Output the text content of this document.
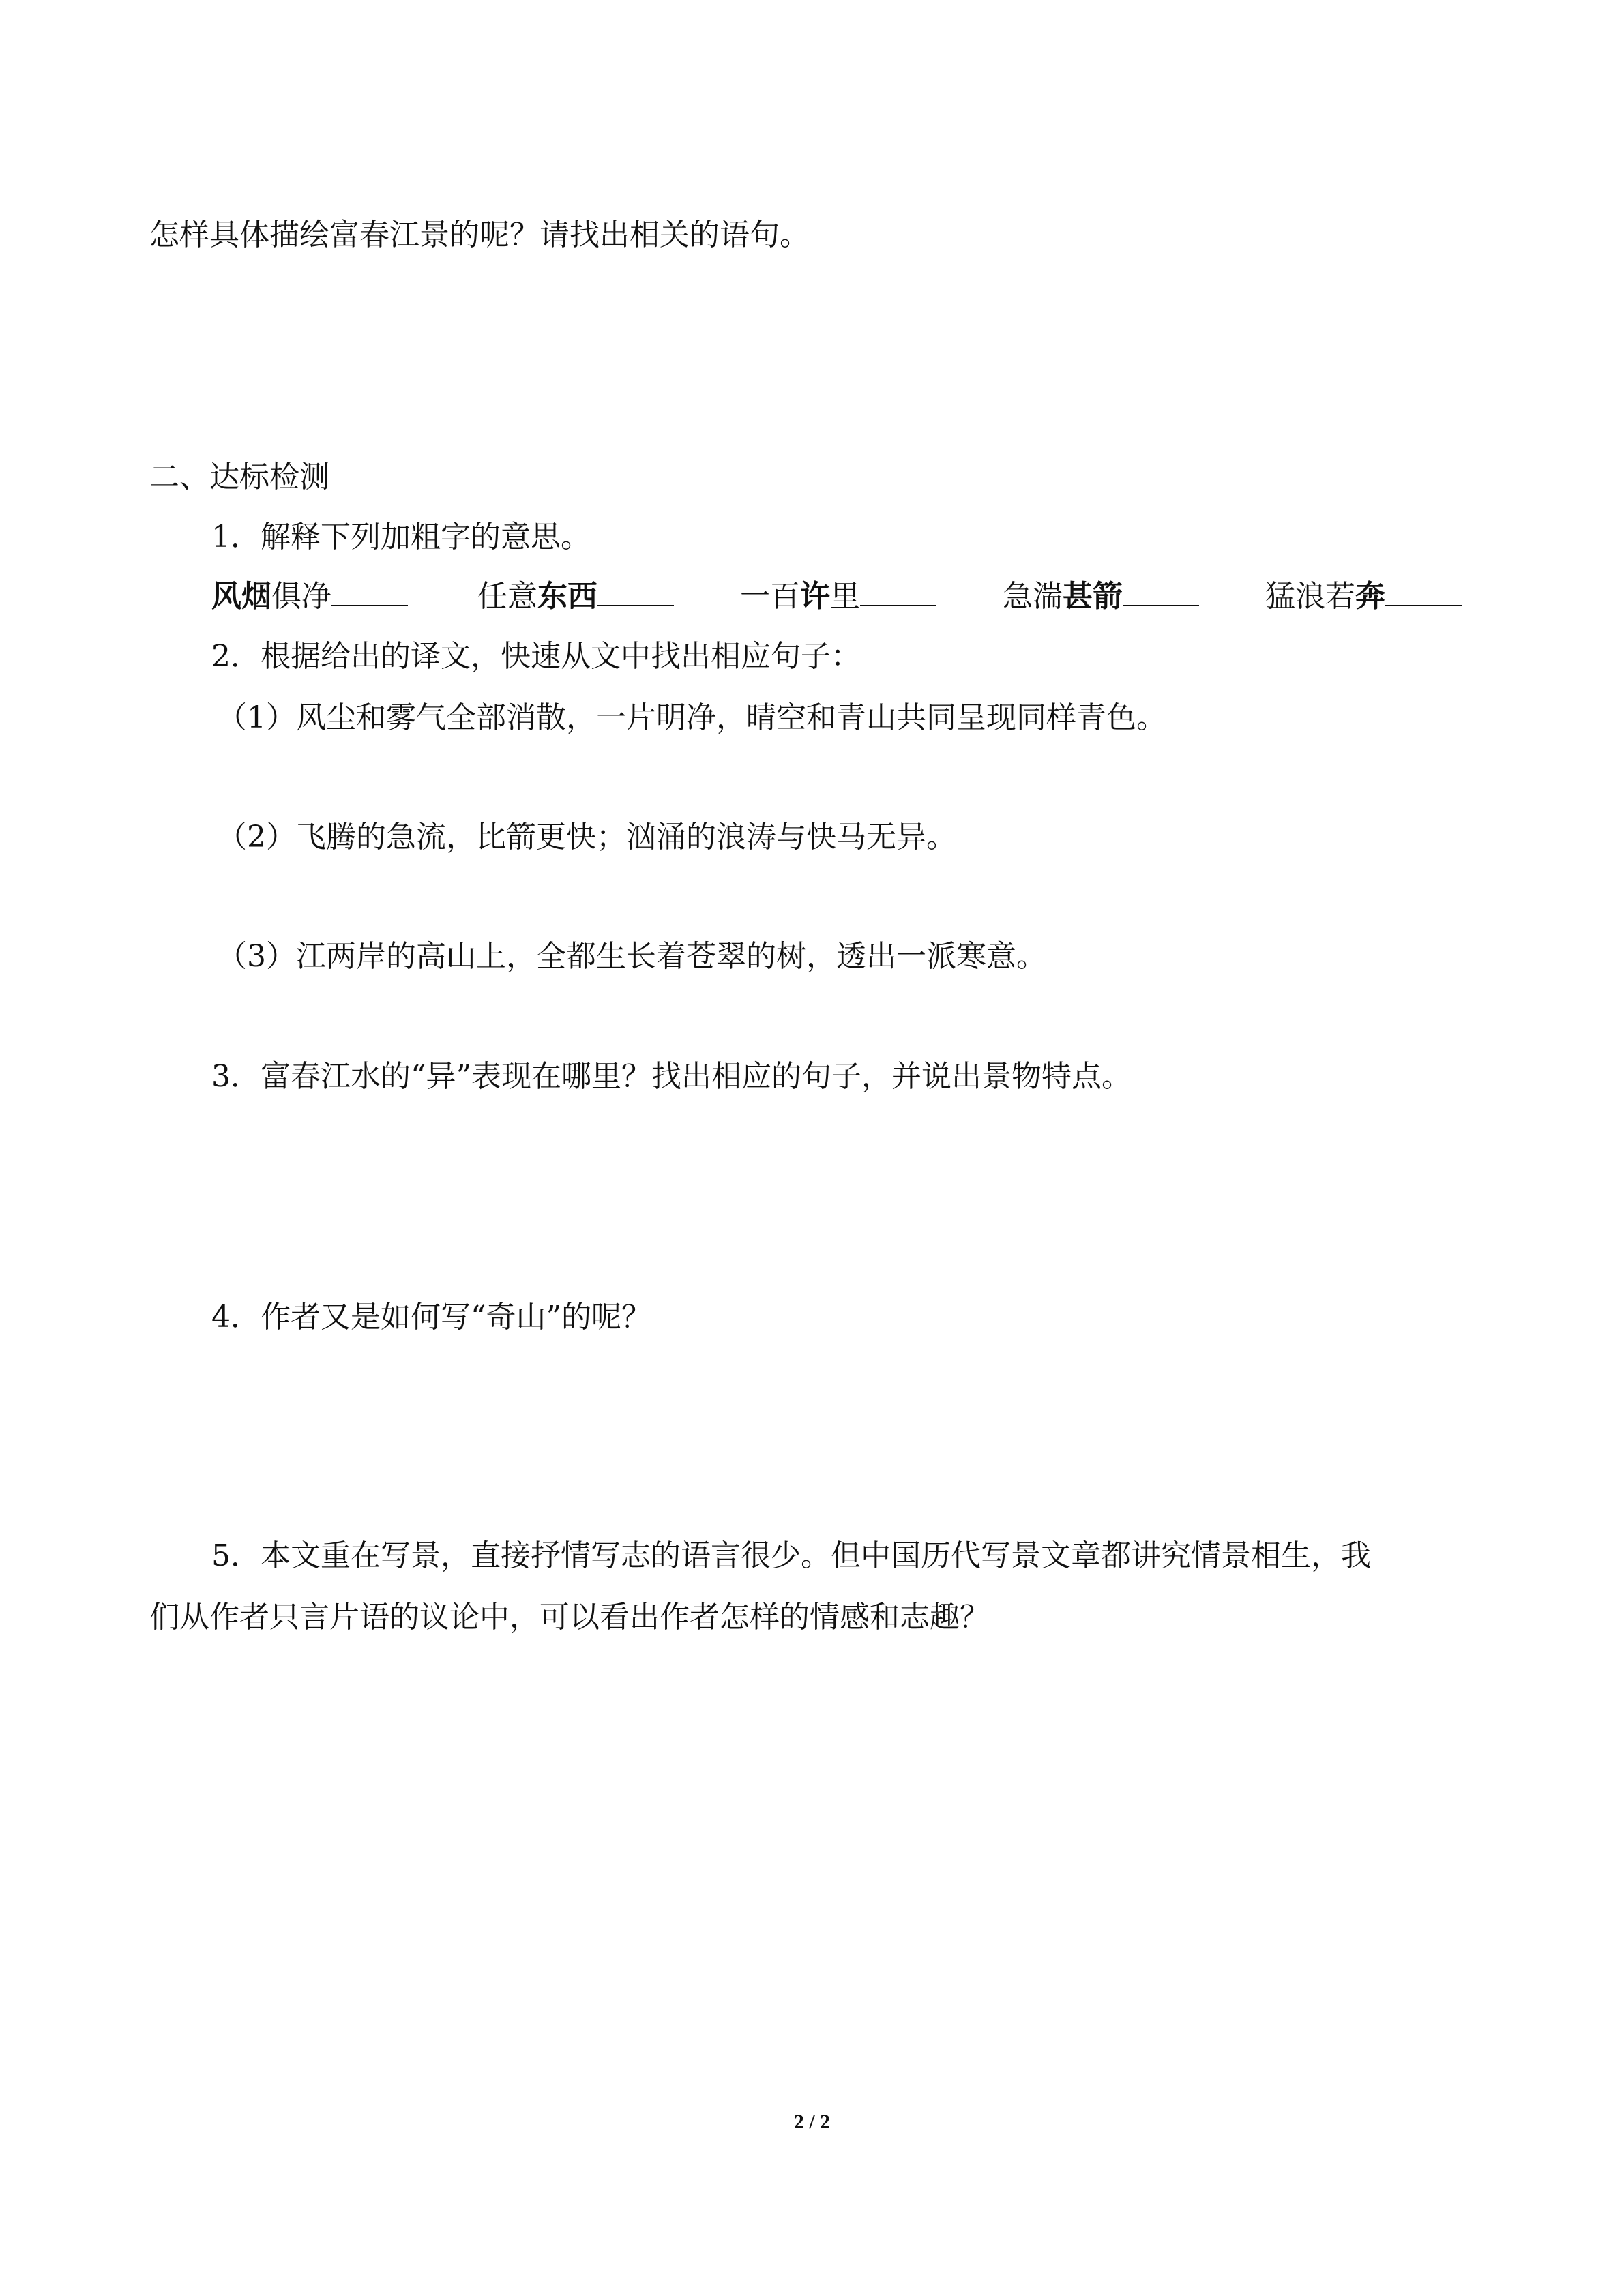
怎样具体描绘富春江景的呢？请找出相关的语句。
二、达标检测
1．解释下列加粗字的意思。
风烟俱净	任意东西	一百许里	急湍甚箭	猛浪若奔
2．根据给出的译文，快速从文中找出相应句子：
（1）风尘和雾气全部消散，一片明净，晴空和青山共同呈现同样青色。
（2）飞腾的急流，比箭更快；汹涌的浪涛与快马无异。
（3）江两岸的高山上，全都生长着苍翠的树，透出一派寒意。
3．富春江水的“异”表现在哪里？找出相应的句子，并说出景物特点。
4．作者又是如何写“奇山”的呢？
5．本文重在写景，直接抒情写志的语言很少。但中国历代写景文章都讲究情景相生，我
们从作者只言片语的议论中，可以看出作者怎样的情感和志趣？
2 / 2
